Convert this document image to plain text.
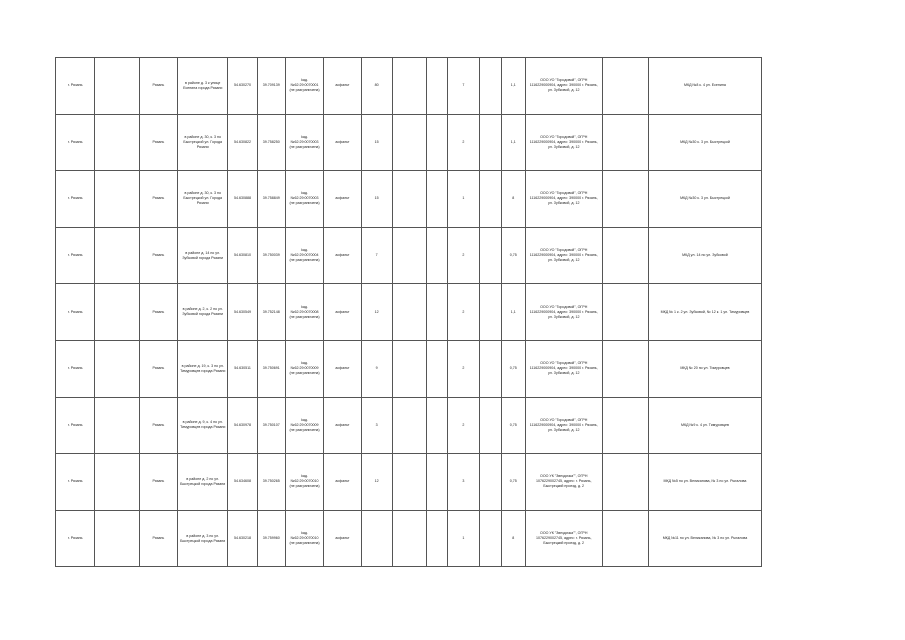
г. Рязань		Рязань	в районе д. 3 к улице Есенина города Рязани	54.630270	39.709139	kaд.№62:29:0070001 (не разграничена)	асфальт	80			7		1,1	ООО УО "Городовой", ОГРН 1116229000904, адрес: 390000 г. Рязань, ул. Зубковой, д. 12		МКД №8 к. 4 ул. Есенина
г. Рязань		Рязань	в районе д. 30, к. 3 по Быстрецкой ул. Города Рязани	54.630822	39.758250	kaд.№62:29:0070003 (не разграничена)	асфальт	15			2		1,1	ООО УО "Городовой", ОГРН 1116229000904, адрес: 390000 г. Рязань, ул. Зубковой, д. 12		МКД №30 к. 3 ул. Быстрецкой
г. Рязань		Рязань	в районе д. 30, к. 3 по Быстрецкой ул. Города Рязани	54.630888	39.758849	kaд.№62:29:0070003 (не разграничена)	асфальт	15			1		8	ООО УО "Городовой", ОГРН 1116229000904, адрес: 390000 г. Рязань, ул. Зубковой, д. 12		МКД №30 к. 3 ул. Быстрецкой
г. Рязань		Рязань	в районе д. 14 по ул. Зубковой города Рязани	54.630810	39.750039	kaд.№62:29:0070004 (не разграничена)	асфальт	7			2		0,75	ООО УО "Городовой", ОГРН 1116229000904, адрес: 390000 г. Рязань, ул. Зубковой, д. 12		МКД ул. 14 по ул. Зубковой
г. Рязань		Рязань	в районе д. 2, к. 2 по ул. Зубковой города Рязани	54.630549	39.752148	kaд.№62:29:0070008 (не разграничена)	асфальт	12			2		1,1	ООО УО "Городовой", ОГРН 1116229000904, адрес: 390000 г. Рязань, ул. Зубковой, д. 12		МКД № 1 к. 2 ул. Зубковой, № 12 к. 1 ул. Тимуровцев
г. Рязань		Рязань	в районе д. 19, к. 3 по ул. Тимуровцев города Рязани	54.630511	39.750691	kaд.№62:29:0070009 (не разграничена)	асфальт	9			2		0,75	ООО УО "Городовой", ОГРН 1116229000904, адрес: 390000 г. Рязань, ул. Зубковой, д. 12		МКД № 20 по ул. Тимуровцев
г. Рязань		Рязань	в районе д. 9, к. 4 по ул. Тимуровцев города Рязани	54.630978	39.750107	kaд.№62:29:0070009 (не разграничена)	асфальт	3			2		0,75	ООО УО "Городовой", ОГРН 1116229000904, адрес: 390000 г. Рязань, ул. Зубковой, д. 12		МКД №9 к. 4 ул. Тимуровцев
г. Рязань		Рязань	в районе д. 2 по ул. Быстрецкой города Рязани	54.634608	39.750265	kaд.№62:29:0070010 (не разграничена)	асфальт	12			3		0,75	ООО УК "Звездочка"", ОГРН 1076229002745, адрес: г. Рязань, Быстрецкий проезд, д. 2		МКД №5 по ул. Великанова, № 3 по ул. Рыгалова
г. Рязань		Рязань	в районе д. 3 по ул. Быстрецкой города Рязани	54.630218	39.759960	kaд.№62:29:0070010 (не разграничена)	асфальт				1		8	ООО УК "Звездочка"", ОГРН 1076229002745, адрес: г. Рязань, Быстрецкий проезд, д. 2		МКД №11 по ул. Великанова, № 3 по ул. Рыгалова
